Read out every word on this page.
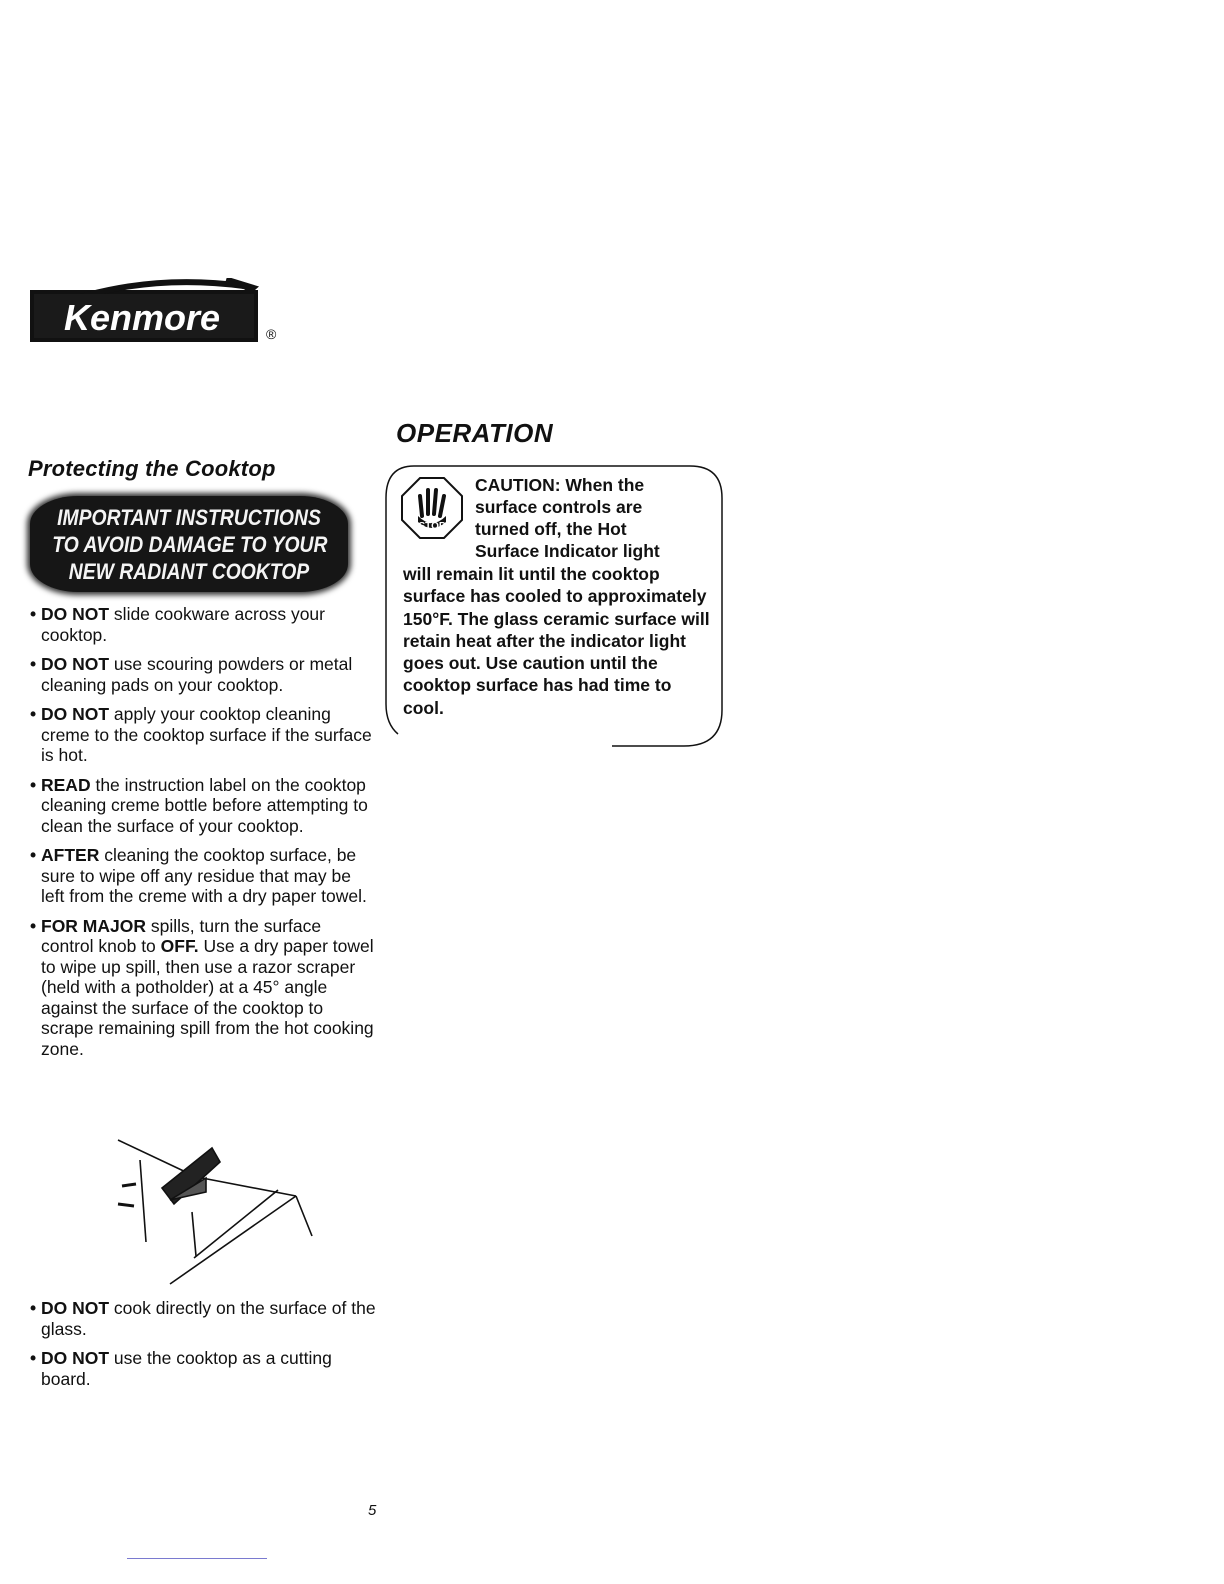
Kenmore	®
Protecting the Cooktop
IMPORTANT INSTRUCTIONS
TO AVOID DAMAGE TO YOUR
NEW RADIANT COOKTOP
• DO NOT slide cookware across your cooktop.
• DO NOT use scouring powders or metal cleaning pads on your cooktop.
• DO NOT apply your cooktop cleaning creme to the cooktop surface if the surface is hot.
• READ the instruction label on the cooktop cleaning creme bottle before attempting to clean the surface of your cooktop.
• AFTER cleaning the cooktop surface, be sure to wipe off any residue that may be left from the creme with a dry paper towel.
• FOR MAJOR spills, turn the surface control knob to OFF. Use a dry paper towel to wipe up spill, then use a razor scraper (held with a potholder) at a 45° angle against the surface of the cooktop to scrape remaining spill from the hot cooking zone.
• DO NOT cook directly on the surface of the glass.
• DO NOT use the cooktop as a cutting board.
OPERATION
STOP
CAUTION: When the
surface controls are
turned off, the Hot
Surface Indicator light
will remain lit until the cooktop surface has cooled to approximately 150°F. The glass ceramic surface will retain heat after the indicator light goes out. Use caution until the cooktop surface has had time to cool.
5
